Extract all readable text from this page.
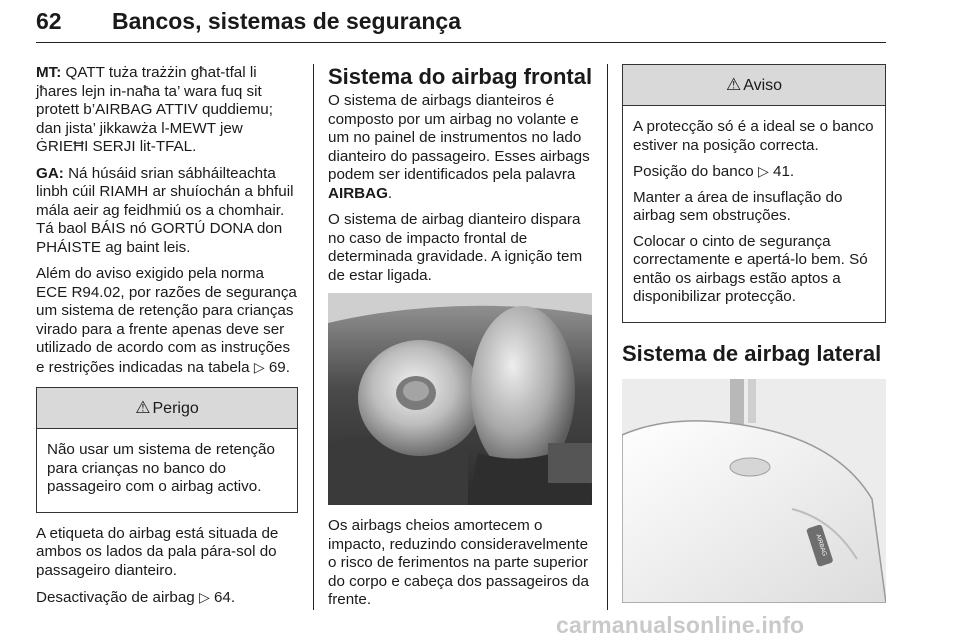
62 Bancos, sistemas de segurança

MT: QATT tuża trażżin għat-tfal li jħares lejn in-naħa ta’ wara fuq sit protett b’AIRBAG ATTIV quddiemu; dan jista’ jikkawża l-MEWT jew ĠRIEĦI SERJI lit-TFAL.

GA: Ná húsáid srian sábháilteachta linbh cúil RIAMH ar shuíochán a bhfuil mála aeir ag feidhmiú os a chomhair. Tá baol BÁIS nó GORTÚ DONA don PHÁISTE ag baint leis.

Além do aviso exigido pela norma ECE R94.02, por razões de segurança um sistema de retenção para crianças virado para a frente apenas deve ser utilizado de acordo com as instruções e restrições indicadas na tabela ▷ 69.

⚠ Perigo

Não usar um sistema de retenção para crianças no banco do passageiro com o airbag activo.

A etiqueta do airbag está situada de ambos os lados da pala pára-sol do passageiro dianteiro.

Desactivação de airbag ▷ 64.

Sistema do airbag frontal

O sistema de airbags dianteiros é composto por um airbag no volante e um no painel de instrumentos no lado dianteiro do passageiro. Esses airbags podem ser identificados pela palavra AIRBAG.

O sistema de airbag dianteiro dispara no caso de impacto frontal de determinada gravidade. A ignição tem de estar ligada.

Os airbags cheios amortecem o impacto, reduzindo consideravelmente o risco de ferimentos na parte superior do corpo e cabeça dos passageiros da frente.

⚠ Aviso

A protecção só é a ideal se o banco estiver na posição correcta.

Posição do banco ▷ 41.

Manter a área de insuflação do airbag sem obstruções.

Colocar o cinto de segurança correctamente e apertá-lo bem. Só então os airbags estão aptos a disponibilizar protecção.

Sistema de airbag lateral
AIRBAG
carmanualsonline.info
